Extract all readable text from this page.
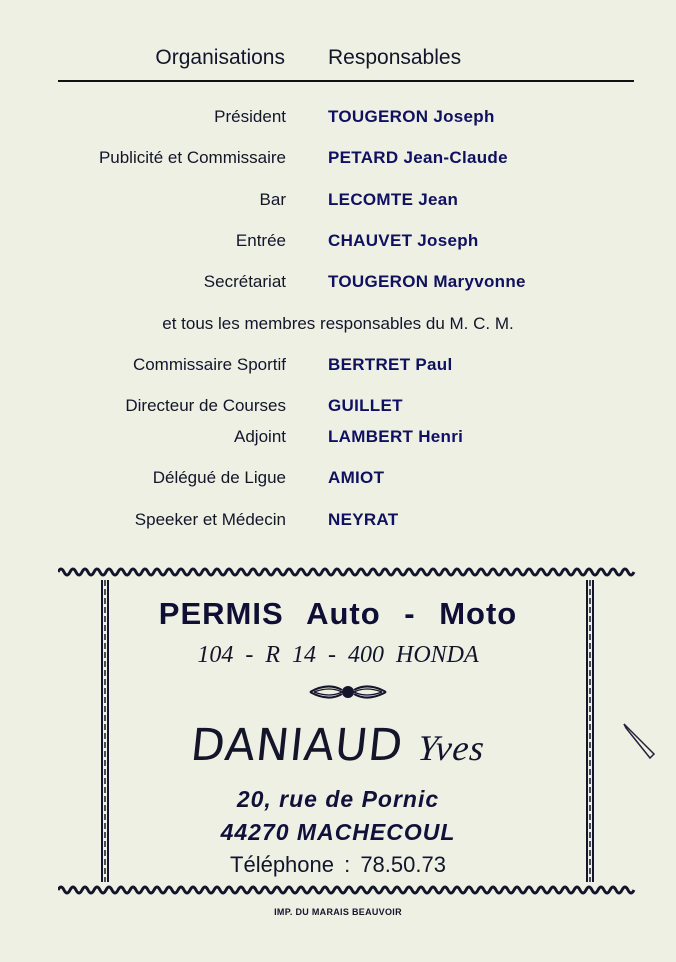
Organisations Responsables
Président TOUGERON Joseph
Publicité et Commissaire PETARD Jean-Claude
Bar LECOMTE Jean
Entrée CHAUVET Joseph
Secrétariat TOUGERON Maryvonne
et tous les membres responsables du M. C. M.
Commissaire Sportif BERTRET Paul
Directeur de Courses GUILLET
Adjoint LAMBERT Henri
Délégué de Ligue AMIOT
Speeker et Médecin NEYRAT
PERMIS Auto - Moto
104 - R 14 - 400 HONDA
DANIAUD Yves
20, rue de Pornic
44270 MACHECOUL
Téléphone : 78.50.73
IMP. DU MARAIS BEAUVOIR
